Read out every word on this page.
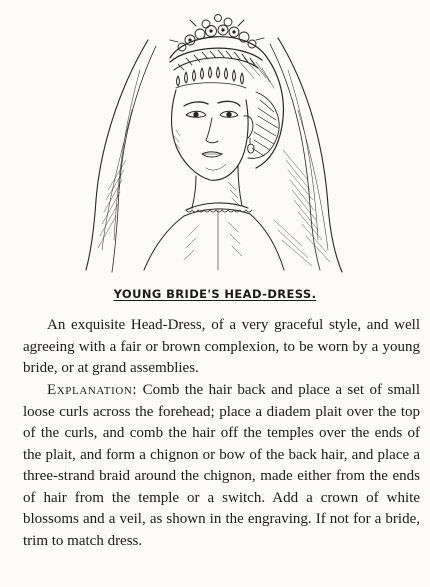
YOUNG BRIDE'S HEAD-DRESS.

An exquisite Head-Dress, of a very graceful style, and well agreeing with a fair or brown complexion, to be worn by a young bride, or at grand assemblies.

Explanation: Comb the hair back and place a set of small loose curls across the forehead; place a diadem plait over the top of the curls, and comb the hair off the temples over the ends of the plait, and form a chignon or bow of the back hair, and place a three-strand braid around the chignon, made either from the ends of hair from the temple or a switch. Add a crown of white blossoms and a veil, as shown in the engraving. If not for a bride, trim to match dress.
